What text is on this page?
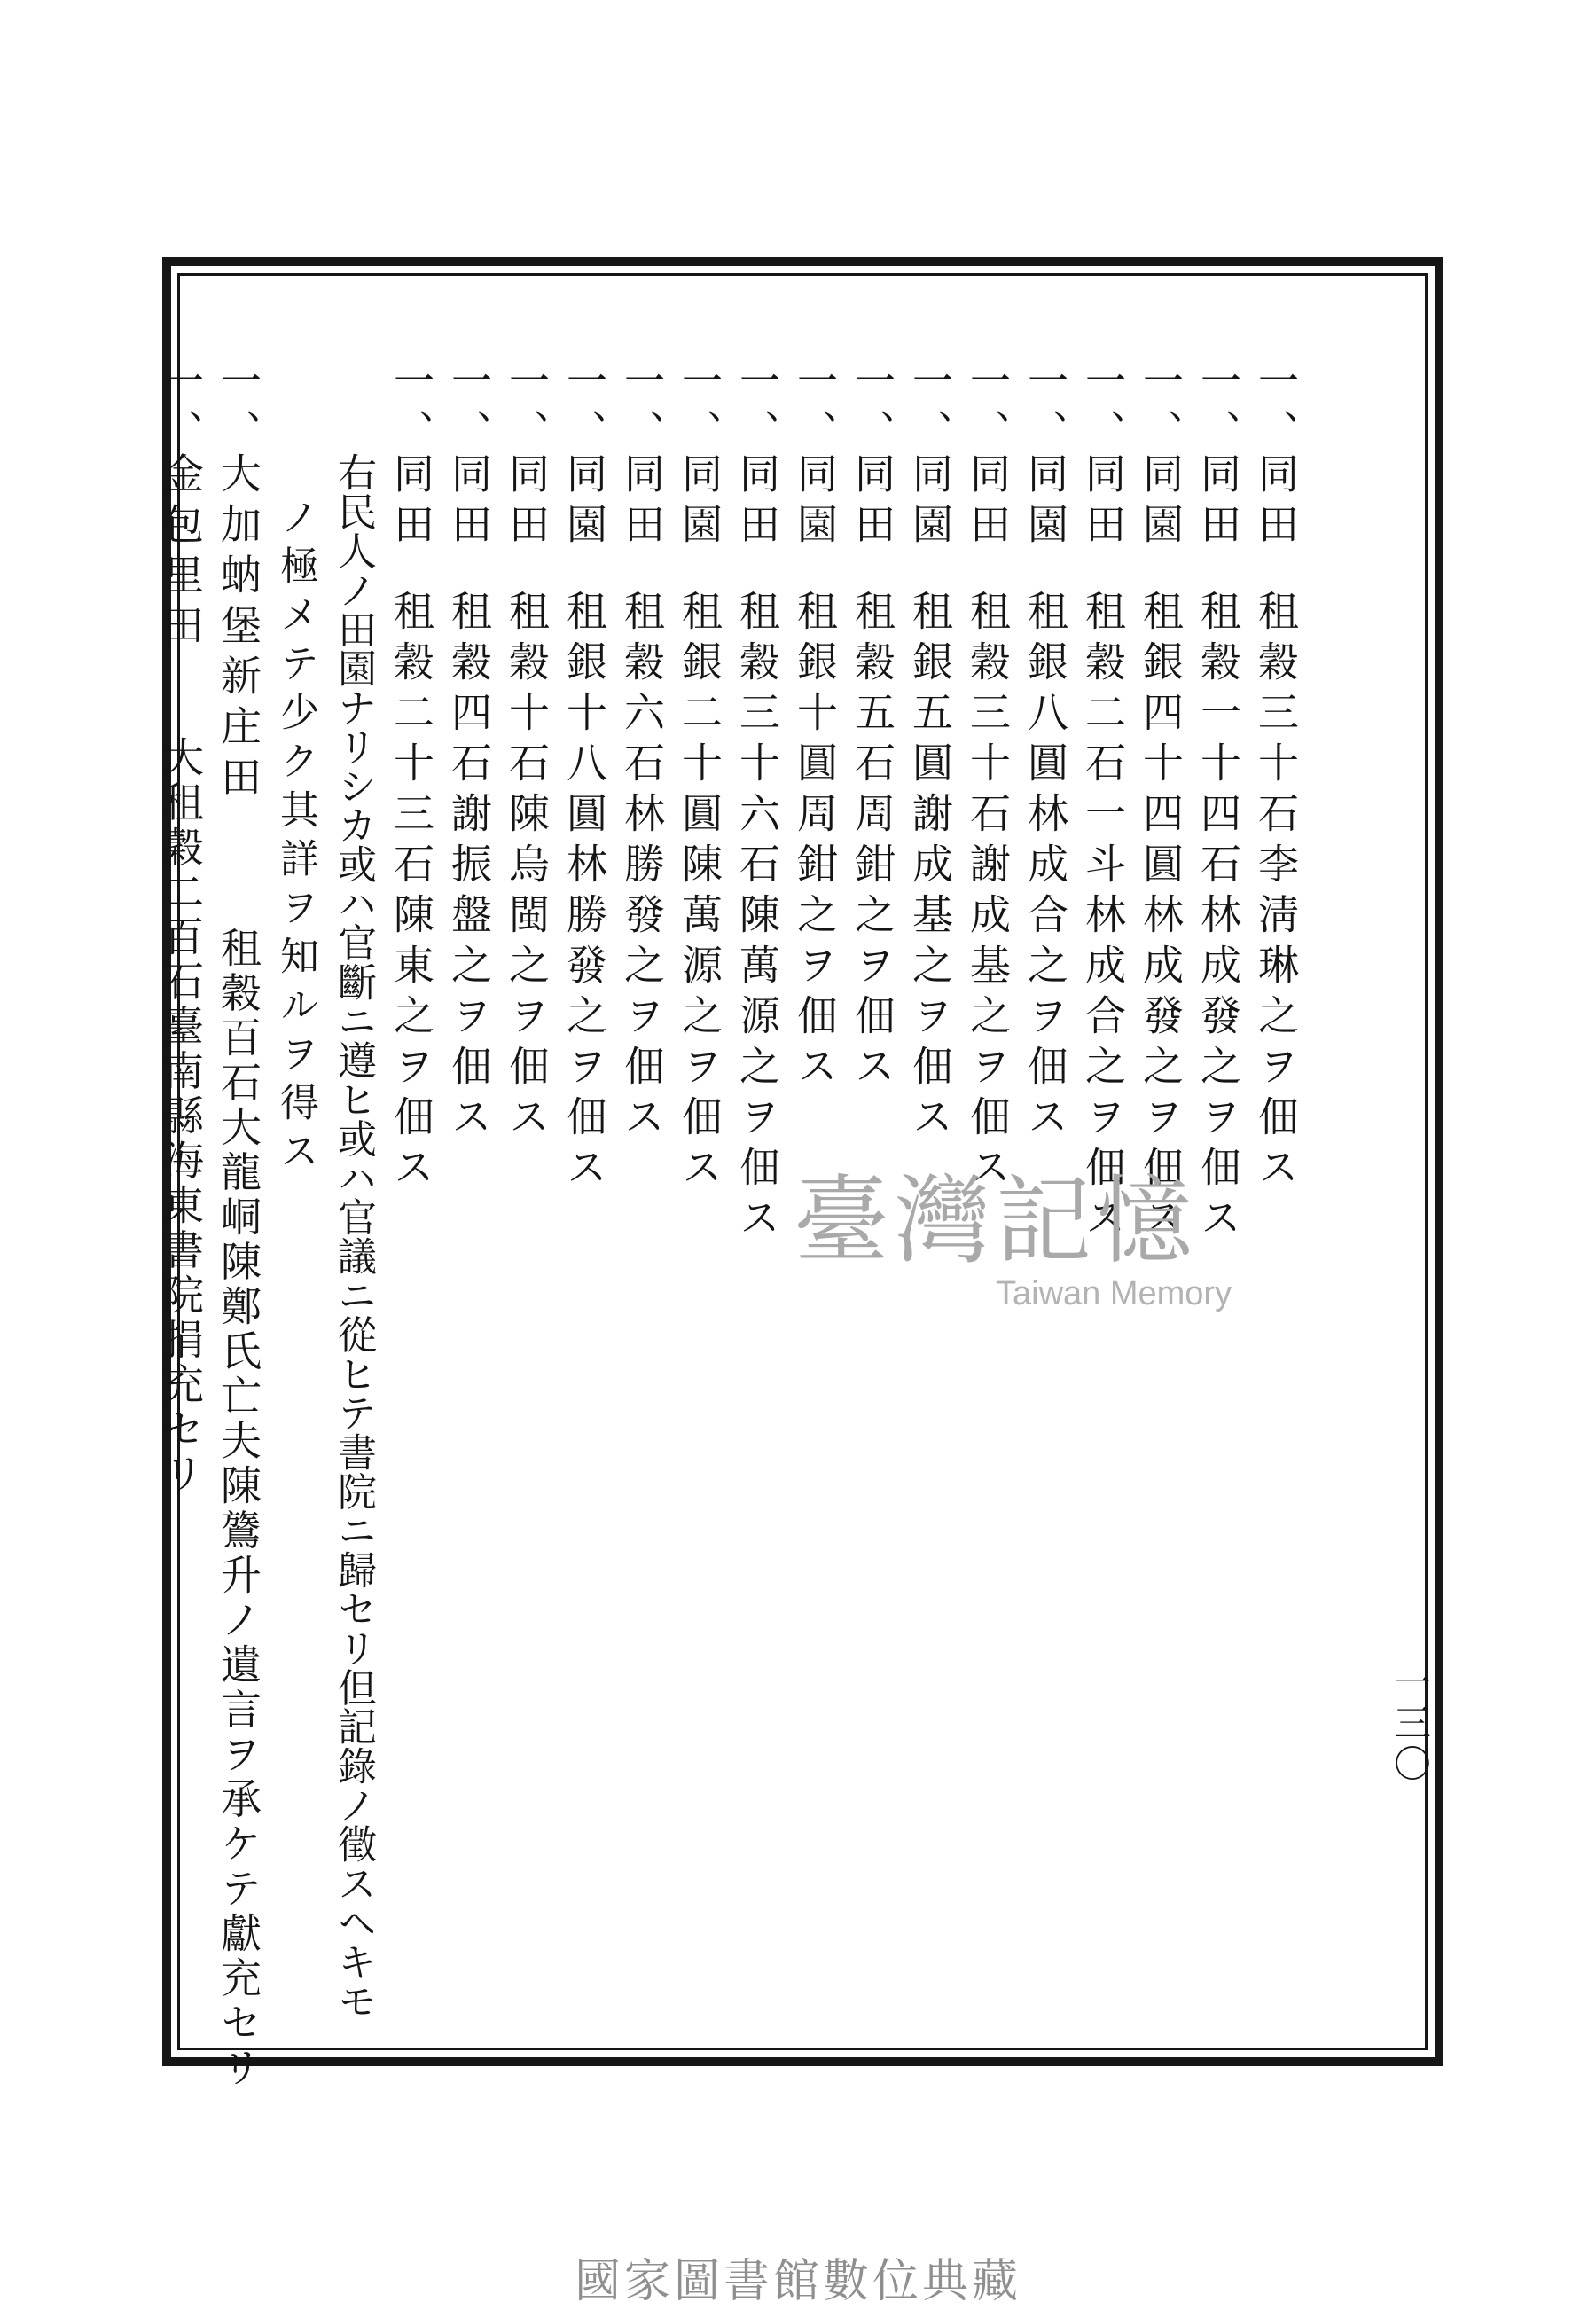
一、
同田
租穀三十石李淸琳之ヲ佃ス
一、
同田
租穀一十四石林成發之ヲ佃ス
一、
同園
租銀四十四圓林成發之ヲ佃ス
一、
同田
租穀二石一斗林成合之ヲ佃ス
一、
同園
租銀八圓林成合之ヲ佃ス
一、
同田
租穀三十石謝成基之ヲ佃ス
一、
同園
租銀五圓謝成基之ヲ佃ス
一、
同田
租穀五石周鉗之ヲ佃ス
一、
同園
租銀十圓周鉗之ヲ佃ス
一、
同田
租穀三十六石陳萬源之ヲ佃ス
一、
同園
租銀二十圓陳萬源之ヲ佃ス
一、
同田
租穀六石林勝發之ヲ佃ス
一、
同園
租銀十八圓林勝發之ヲ佃ス
一、
同田
租穀十石陳烏閩之ヲ佃ス
一、
同田
租穀四石謝振盤之ヲ佃ス
一、
同田
租穀二十三石陳東之ヲ佃ス
右民人ノ田園ナリシカ或ハ官斷ニ遵ヒ或ハ官議ニ從ヒテ書院ニ歸セリ但記錄ノ徵スヘキモ
ノ極メテ少ク其詳ヲ知ルヲ得ス
一、
大加蚋堡新庄田
租穀百石大龍峒陳鄭氏亡夫陳鷟升ノ遺言ヲ承ケテ獻充セリ
一、
金包里田
大租穀二百石臺南縣海東書院捐充セリ
一三〇
臺灣記憶
Taiwan Memory
國家圖書館數位典藏
